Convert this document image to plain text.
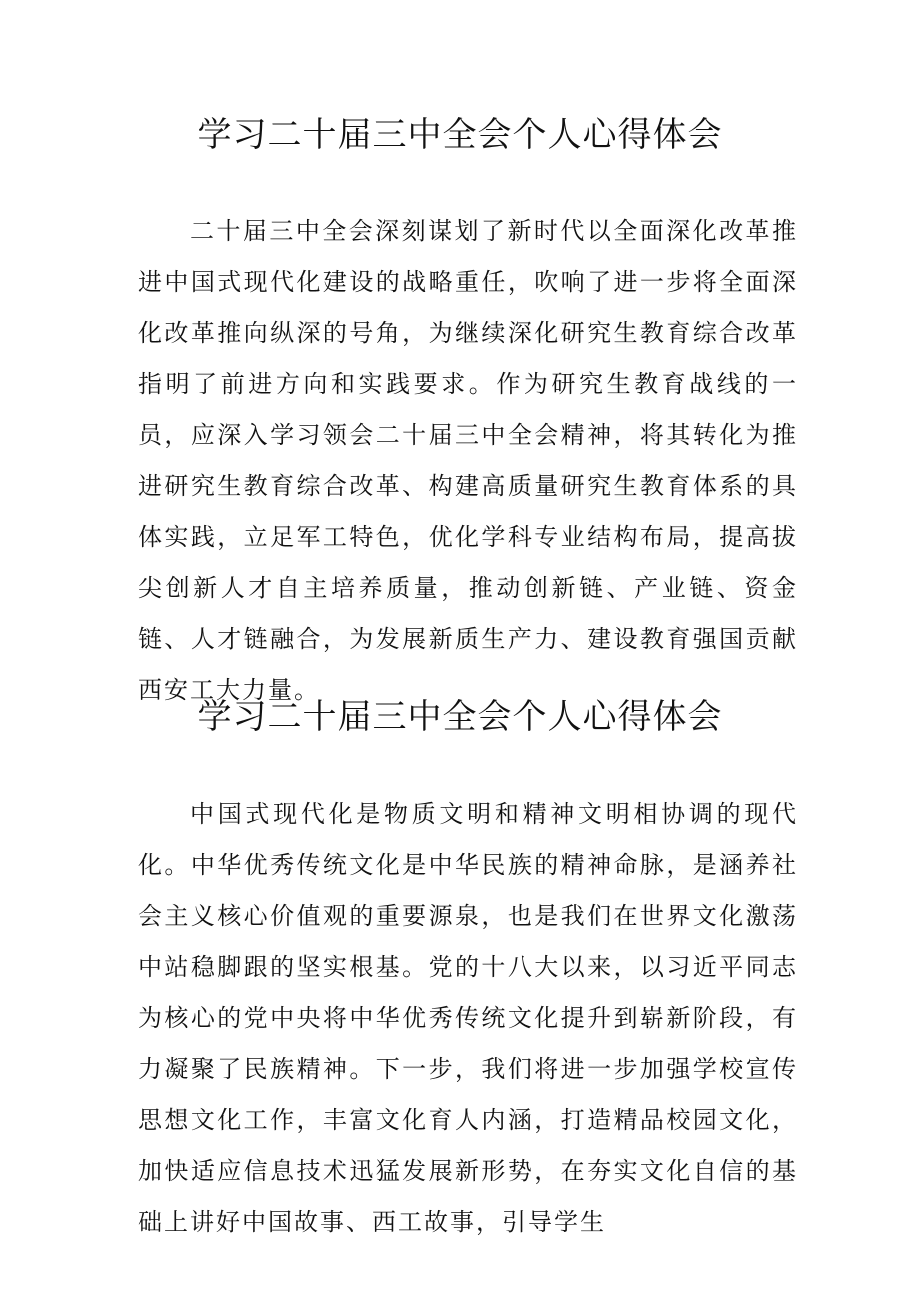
学习二十届三中全会个人心得体会

二十届三中全会深刻谋划了新时代以全面深化改革推进中国式现代化建设的战略重任，吹响了进一步将全面深化改革推向纵深的号角，为继续深化研究生教育综合改革指明了前进方向和实践要求。作为研究生教育战线的一员，应深入学习领会二十届三中全会精神，将其转化为推进研究生教育综合改革、构建高质量研究生教育体系的具体实践，立足军工特色，优化学科专业结构布局，提高拔尖创新人才自主培养质量，推动创新链、产业链、资金链、人才链融合，为发展新质生产力、建设教育强国贡献西安工大力量。

学习二十届三中全会个人心得体会

中国式现代化是物质文明和精神文明相协调的现代化。中华优秀传统文化是中华民族的精神命脉，是涵养社会主义核心价值观的重要源泉，也是我们在世界文化激荡中站稳脚跟的坚实根基。党的十八大以来，以习近平同志为核心的党中央将中华优秀传统文化提升到崭新阶段，有力凝聚了民族精神。下一步，我们将进一步加强学校宣传思想文化工作，丰富文化育人内涵，打造精品校园文化，加快适应信息技术迅猛发展新形势，在夯实文化自信的基础上讲好中国故事、西工故事，引导学生
